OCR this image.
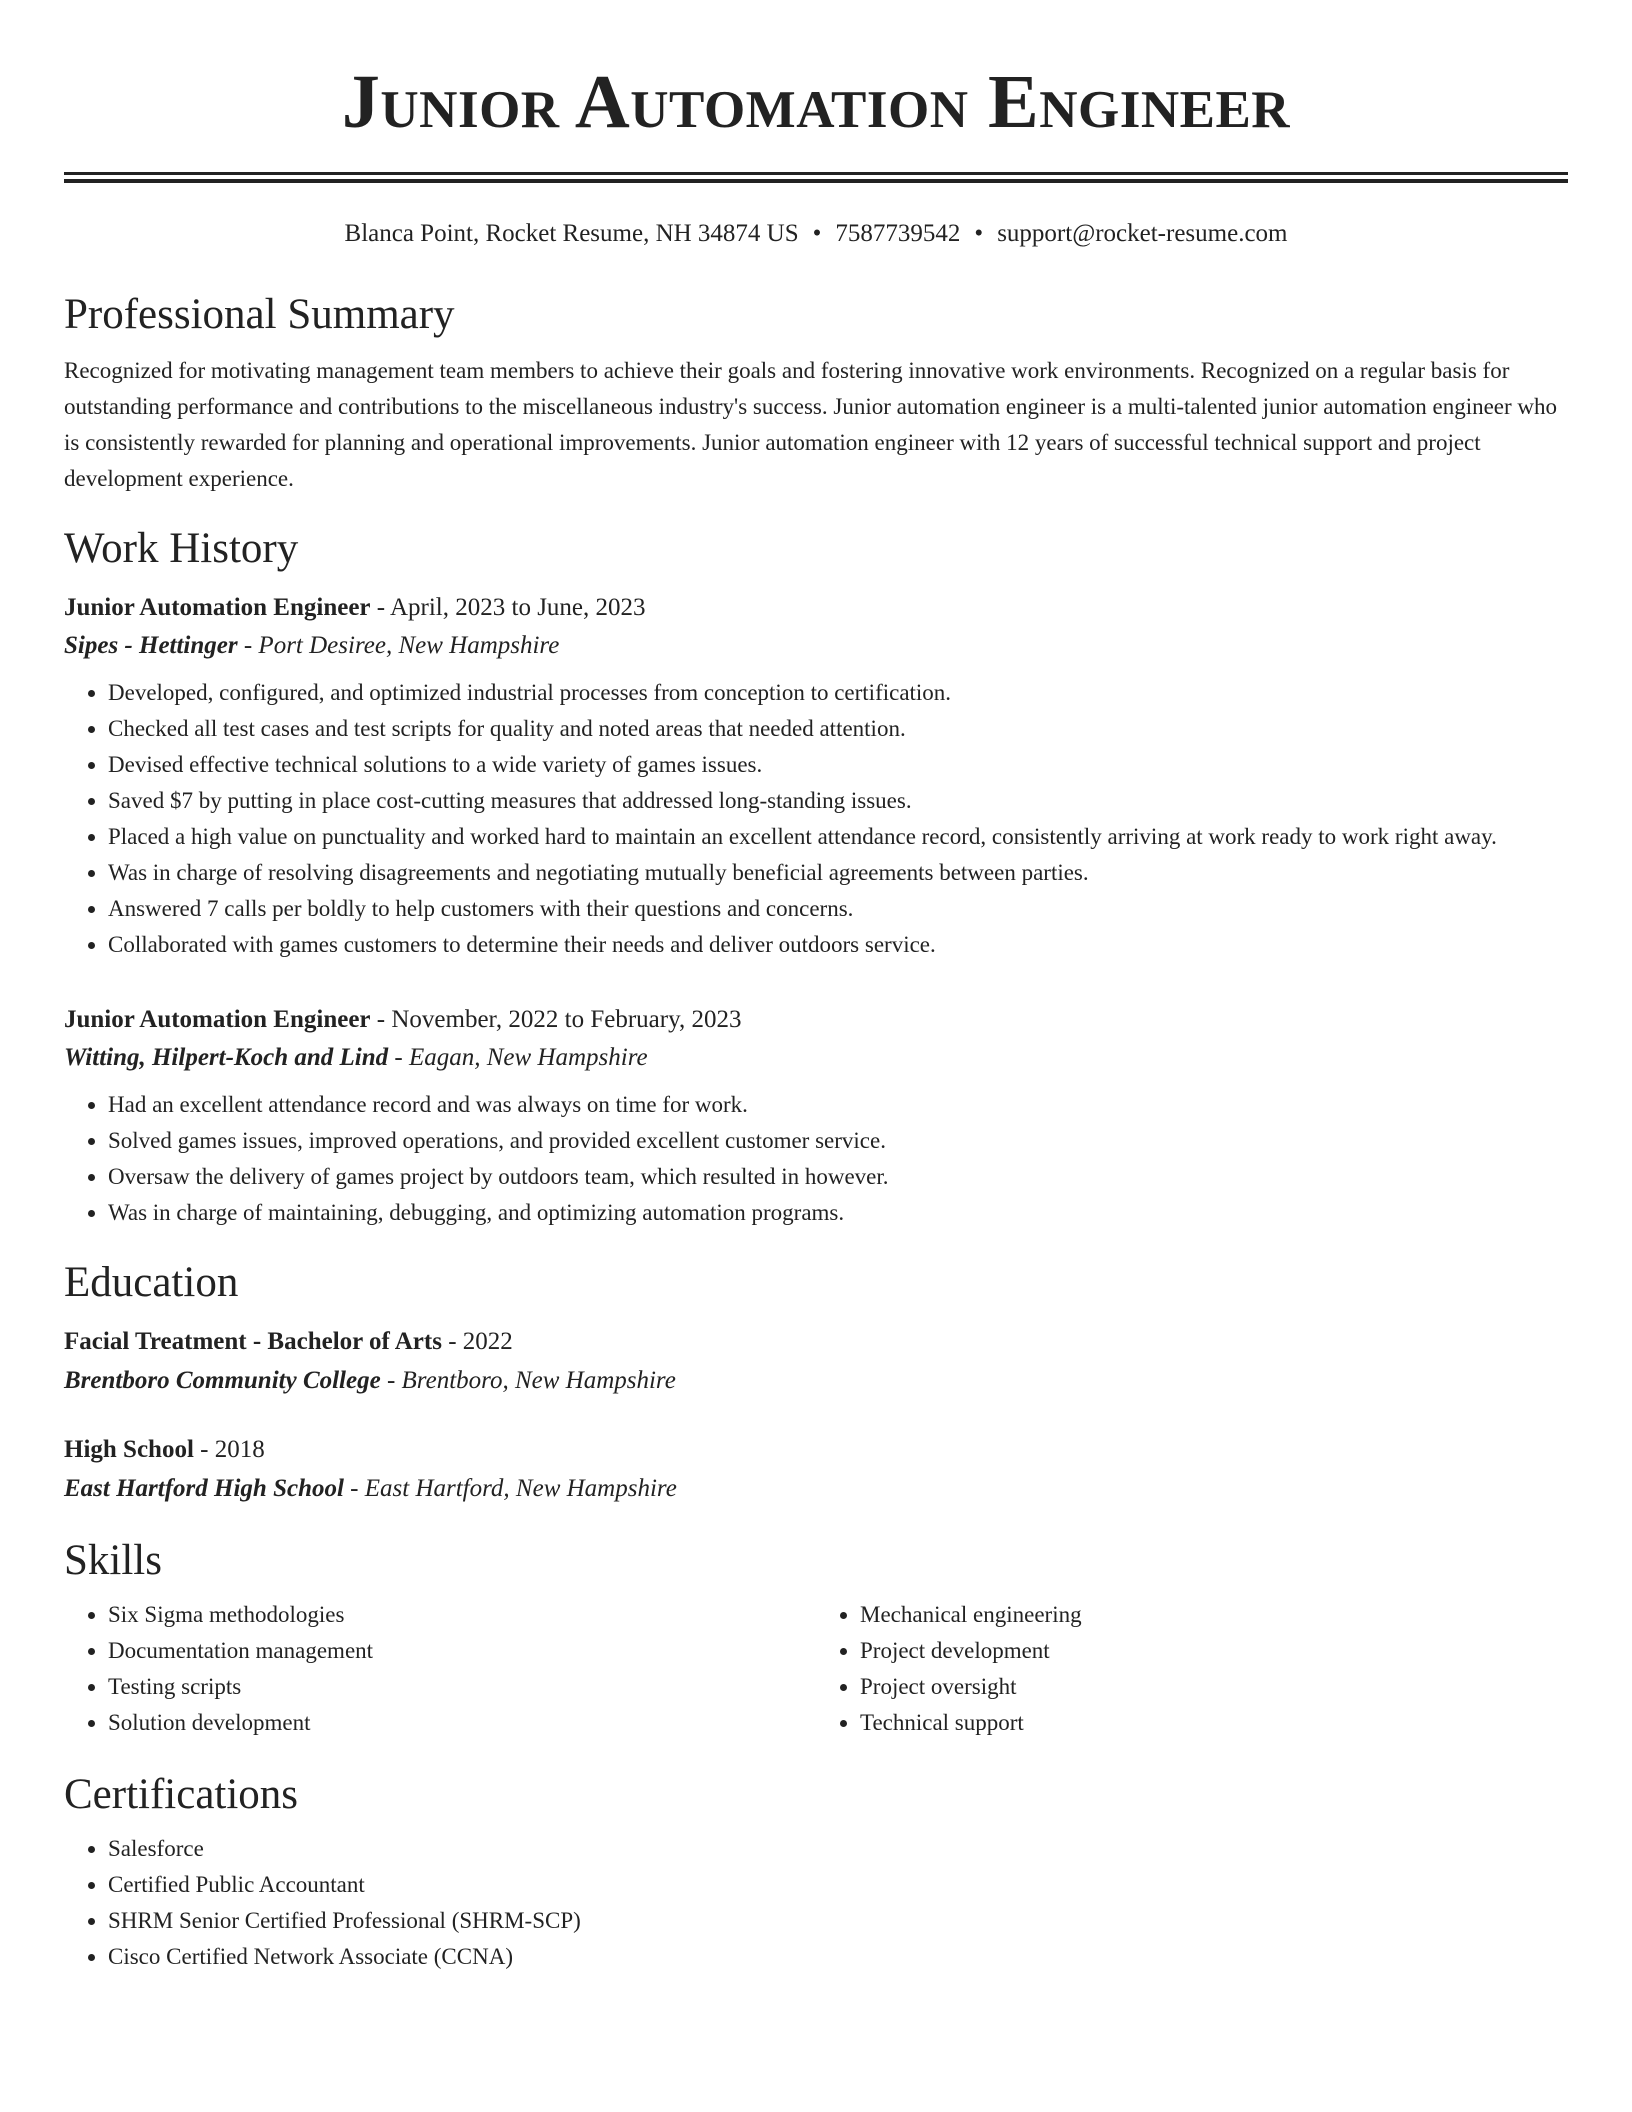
Junior Automation Engineer
Blanca Point, Rocket Resume, NH 34874 US • 7587739542 • support@rocket-resume.com
Professional Summary

Recognized for motivating management team members to achieve their goals and fostering innovative work environments. Recognized on a regular basis for outstanding performance and contributions to the miscellaneous industry's success. Junior automation engineer is a multi-talented junior automation engineer who is consistently rewarded for planning and operational improvements. Junior automation engineer with 12 years of successful technical support and project development experience.

Work History
Junior Automation Engineer - April, 2023 to June, 2023
Sipes - Hettinger - Port Desiree, New Hampshire
• Developed, configured, and optimized industrial processes from conception to certification.
• Checked all test cases and test scripts for quality and noted areas that needed attention.
• Devised effective technical solutions to a wide variety of games issues.
• Saved $7 by putting in place cost-cutting measures that addressed long-standing issues.
• Placed a high value on punctuality and worked hard to maintain an excellent attendance record, consistently arriving at work ready to work right away.
• Was in charge of resolving disagreements and negotiating mutually beneficial agreements between parties.
• Answered 7 calls per boldly to help customers with their questions and concerns.
• Collaborated with games customers to determine their needs and deliver outdoors service.
Junior Automation Engineer - November, 2022 to February, 2023
Witting, Hilpert-Koch and Lind - Eagan, New Hampshire
• Had an excellent attendance record and was always on time for work.
• Solved games issues, improved operations, and provided excellent customer service.
• Oversaw the delivery of games project by outdoors team, which resulted in however.
• Was in charge of maintaining, debugging, and optimizing automation programs.
Education
Facial Treatment - Bachelor of Arts - 2022
Brentboro Community College - Brentboro, New Hampshire
High School - 2018
East Hartford High School - East Hartford, New Hampshire
Skills
• Six Sigma methodologies
• Documentation management
• Testing scripts
• Solution development
• Mechanical engineering
• Project development
• Project oversight
• Technical support
Certifications
• Salesforce
• Certified Public Accountant
• SHRM Senior Certified Professional (SHRM-SCP)
• Cisco Certified Network Associate (CCNA)
